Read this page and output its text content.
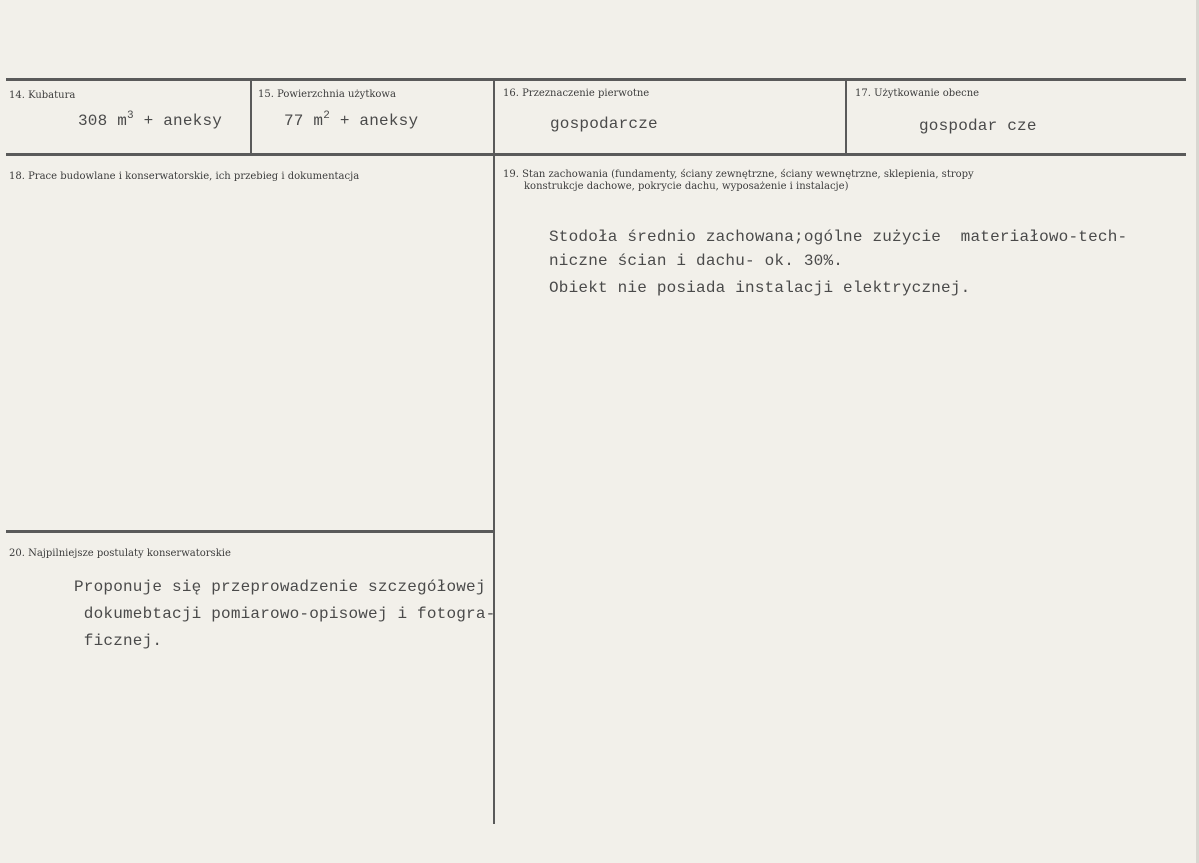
14. Kubatura
308 $m^3$ + aneksy
15. Powierzchnia użytkowa
77 $m^2$ + aneksy
16. Przeznaczenie pierwotne
gospodarcze
17. Użytkowanie obecne
gospodar cze
18. Prace budowlane i konserwatorskie, ich przebieg i dokumentacja	19. Stan zachowania (fundamenty, ściany zewnętrzne, ściany wewnętrzne, sklepienia, stropy
konstrukcje dachowe, pokrycie dachu, wyposażenie i instalacje)
Stodoła średnio zachowana;ogólne zużycie  materiałowo-tech-
niczne ścian i dachu- ok. 30%.
Obiekt nie posiada instalacji elektrycznej.
20. Najpilniejsze postulaty konserwatorskie
Proponuje się przeprowadzenie szczegółowej
dokumebtacji pomiarowo-opisowej i fotogra-
ficznej.
